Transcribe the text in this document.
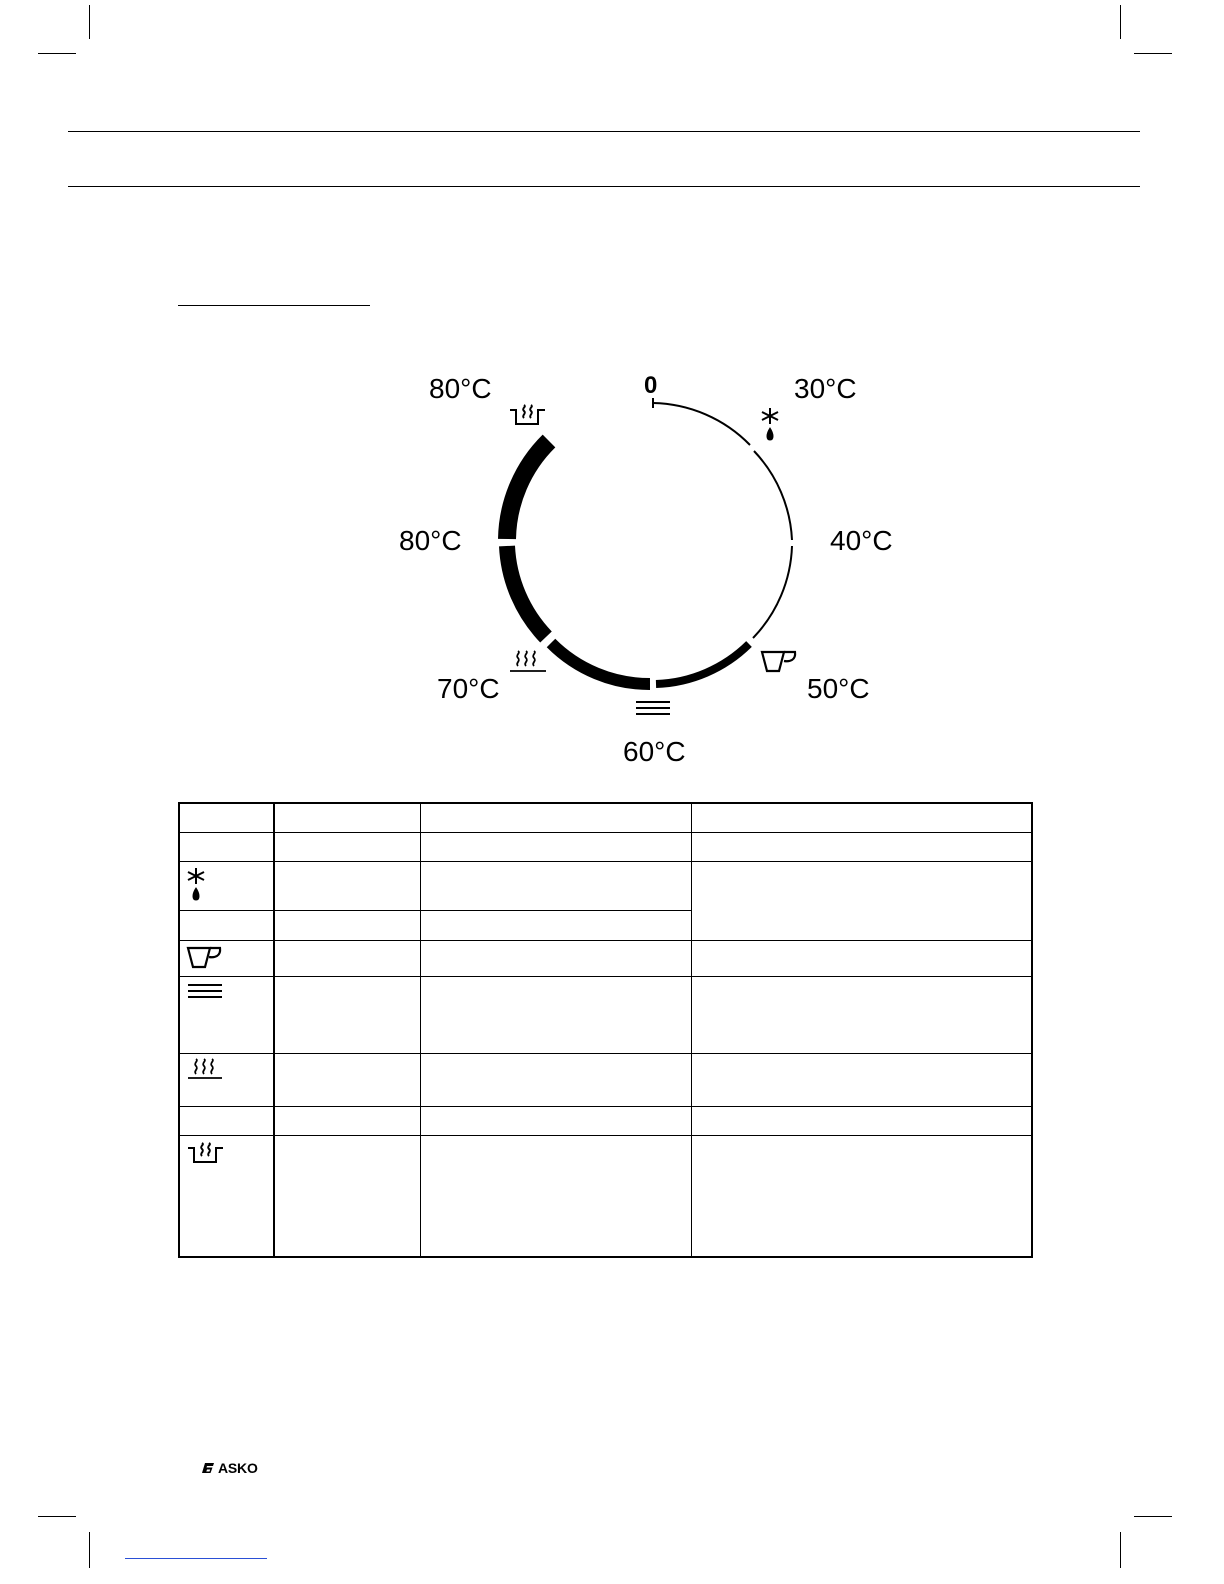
0	30°C
40°C
50°C
60°C
70°C
80°C
80°C

ASKO
